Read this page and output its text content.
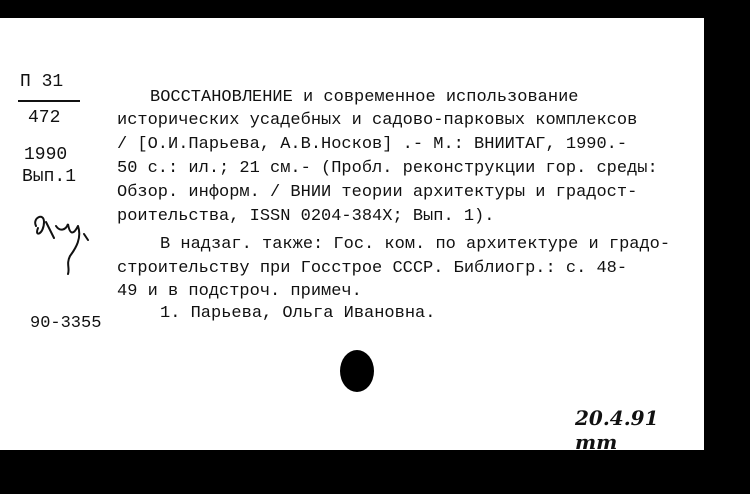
П 31
472
1990
Вып.1
ВОССТАНОВЛЕНИЕ и современное использование
исторических усадебных и садово-парковых комплексов
/ [О.И.Парьева, А.В.Носков] .- М.: ВНИИТАГ, 1990.-
50 с.: ил.; 21 см.- (Пробл. реконструкции гор. среды:
Обзор. информ. / ВНИИ теории архитектуры и градост-
роительства, ISSN 0204-384X; Вып. 1).
В надзаг. также: Гос. ком. по архитектуре и градо-
строительству при Госстрое СССР. Библиогр.: с. 48-
49 и в подстроч. примеч.
90-3355
1. Парьева, Ольга Ивановна.
20.4.91 mm
